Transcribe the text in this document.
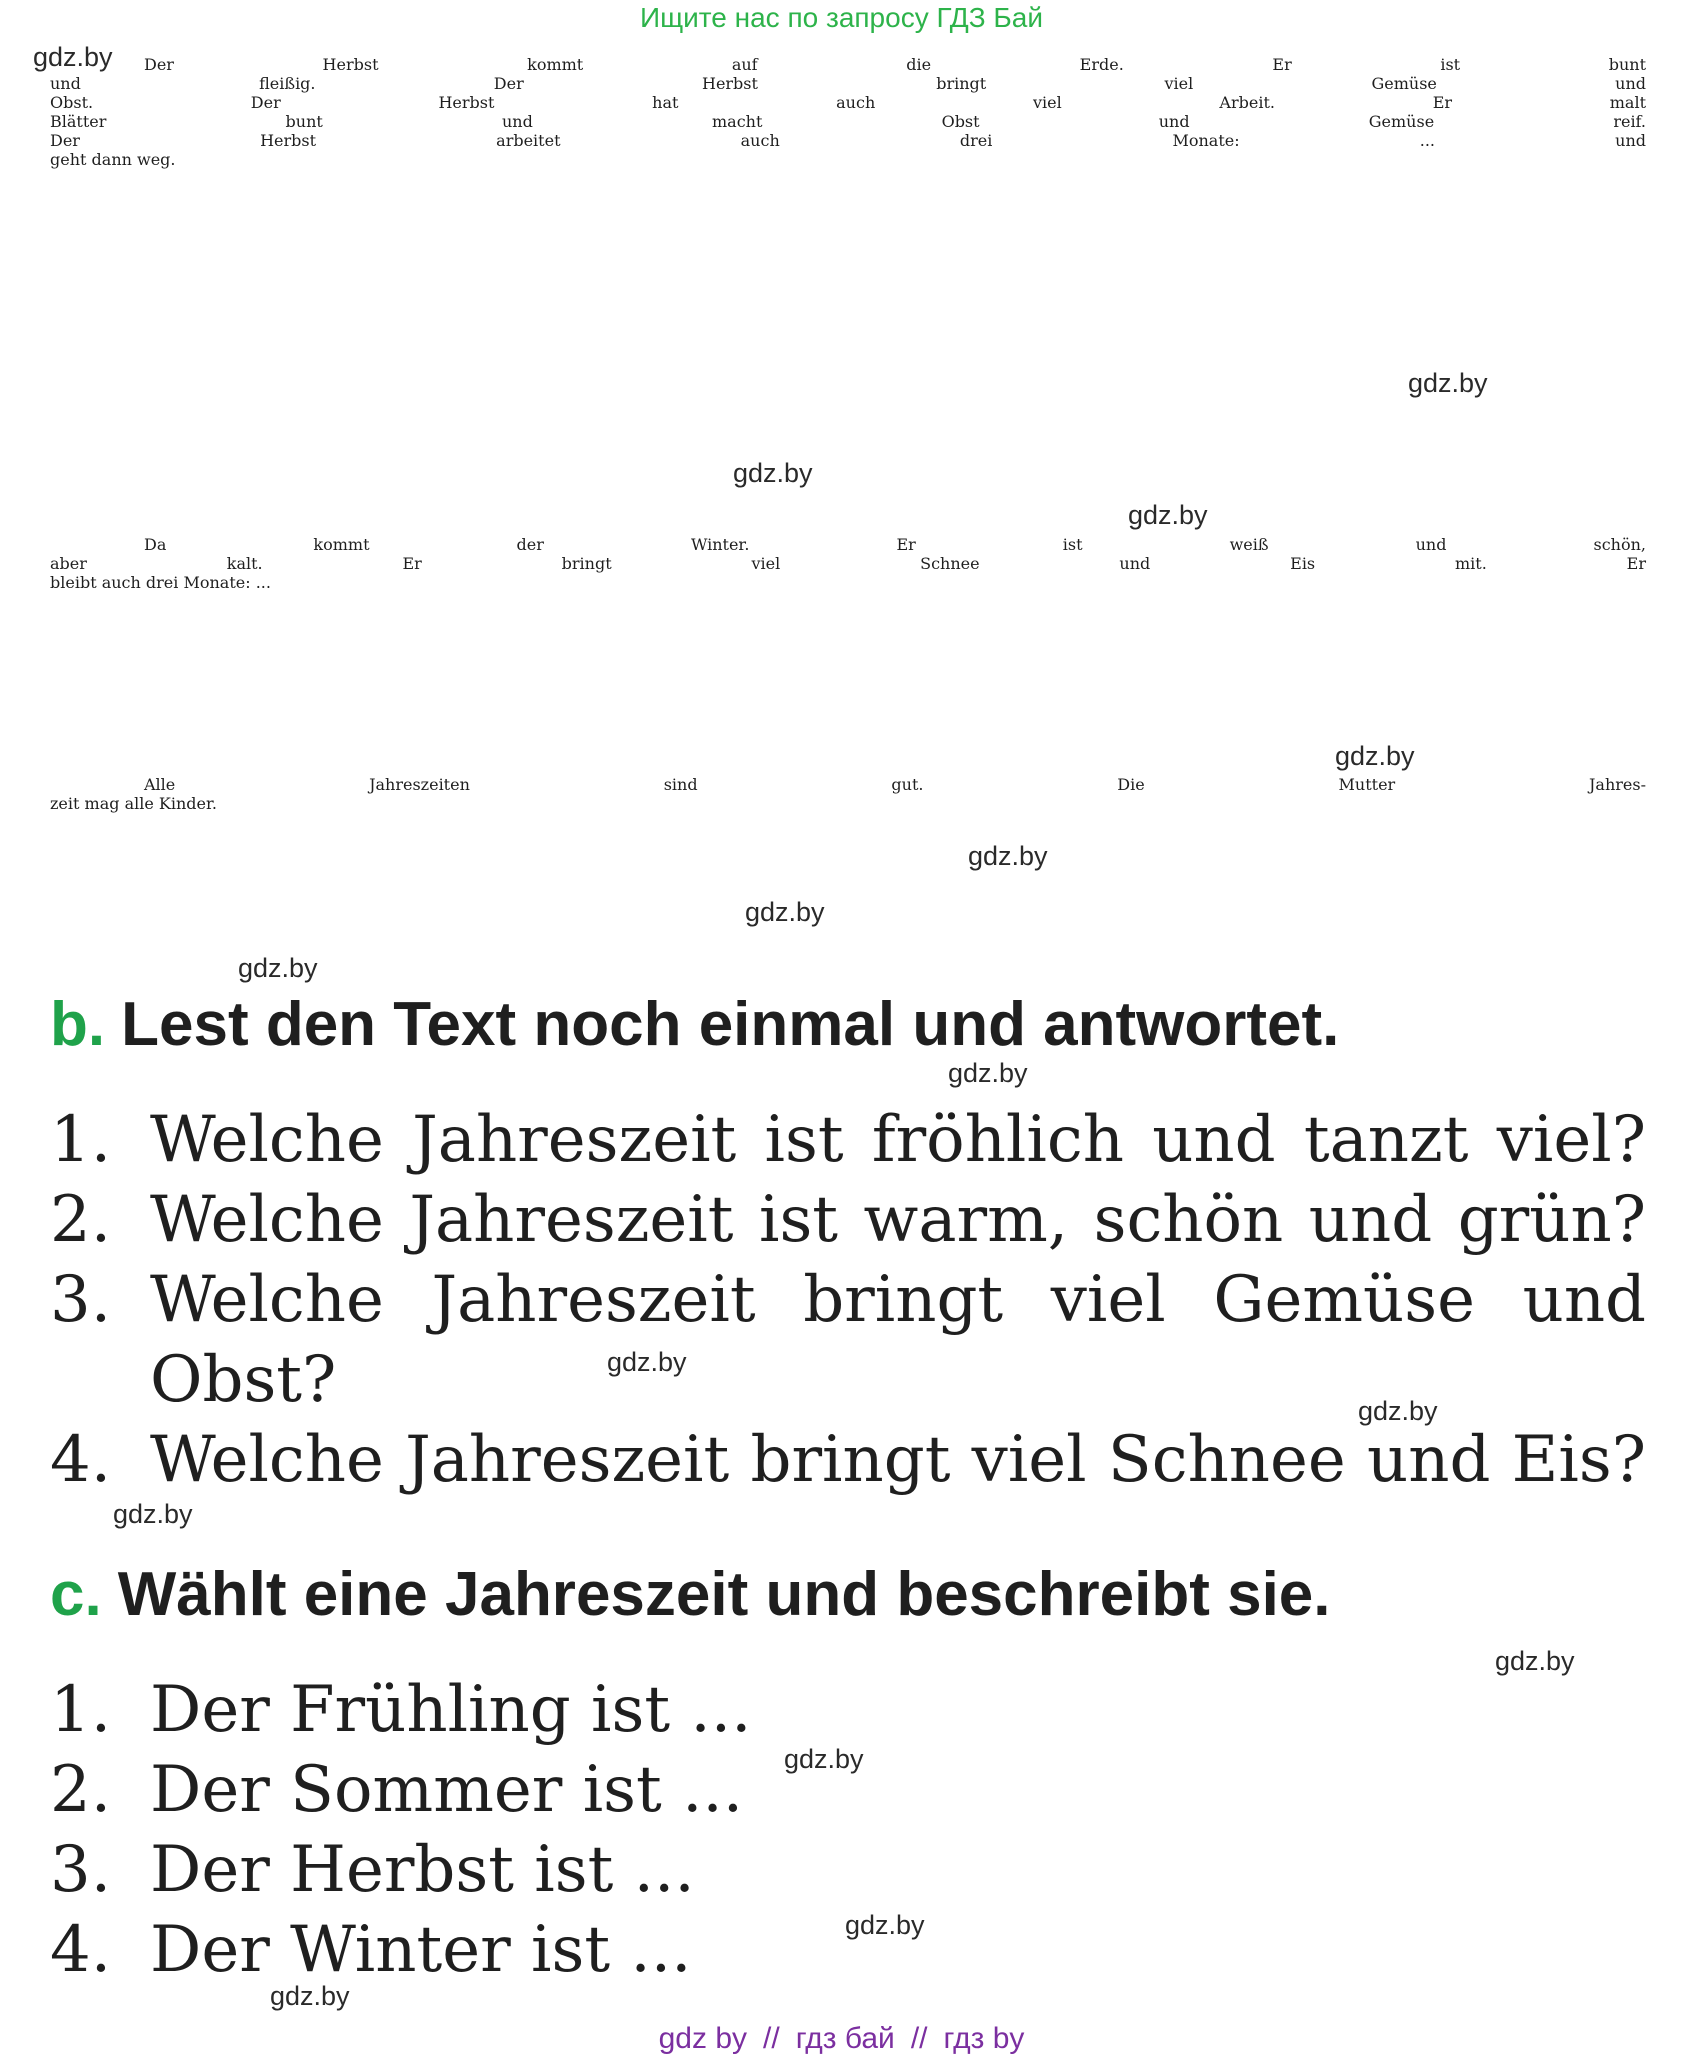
Ищите нас по запросу ГДЗ Бай
Der Herbst kommt auf die Erde. Er ist bunt
und fleißig. Der Herbst bringt viel Gemüse und
Obst. Der Herbst hat auch viel Arbeit. Er malt
Blätter bunt und macht Obst und Gemüse reif.
Der Herbst arbeitet auch drei Monate: ... und
geht dann weg.
Da kommt der Winter. Er ist weiß und schön,
aber kalt. Er bringt viel Schnee und Eis mit. Er
bleibt auch drei Monate: ...
Alle Jahreszeiten sind gut. Die Mutter Jahres-
zeit mag alle Kinder.
b. Lest den Text noch einmal und antwortet.
1. Welche Jahreszeit ist fröhlich und tanzt viel?
2. Welche Jahreszeit ist warm, schön und grün?
3. Welche Jahreszeit bringt viel Gemüse und
Obst?
4. Welche Jahreszeit bringt viel Schnee und Eis?
c. Wählt eine Jahreszeit und beschreibt sie.
1. Der Frühling ist ...
2. Der Sommer ist ...
3. Der Herbst ist ...
4. Der Winter ist ...
gdz.by
gdz.by
gdz.by
gdz.by
gdz.by
gdz.by
gdz.by
gdz.by
gdz.by
gdz.by
gdz.by
gdz.by
gdz.by
gdz.by
gdz.by
gdz.by
gdz by // гдз бай // гдз by
